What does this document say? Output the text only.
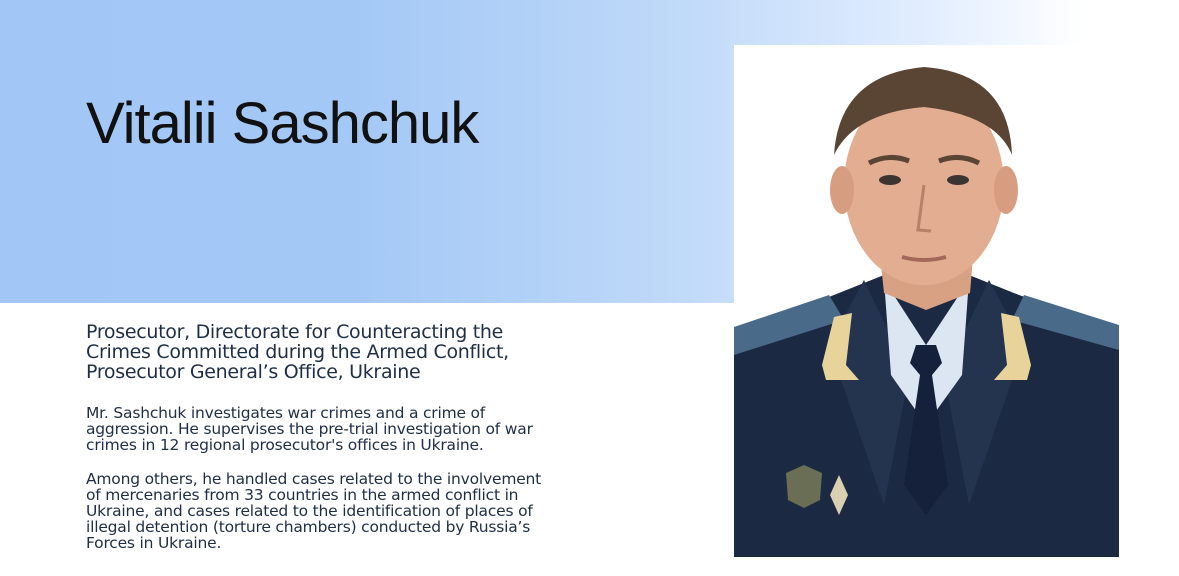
Vitalii Sashchuk
Prosecutor, Directorate for Counteracting the
Crimes Committed during the Armed Conflict,
Prosecutor General’s Office, Ukraine
Mr. Sashchuk investigates war crimes and a crime of
aggression. He supervises the pre-trial investigation of war
crimes in 12 regional prosecutor's offices in Ukraine.
Among others, he handled cases related to the involvement
of mercenaries from 33 countries in the armed conflict in
Ukraine, and cases related to the identification of places of
illegal detention (torture chambers) conducted by Russia’s
Forces in Ukraine.
